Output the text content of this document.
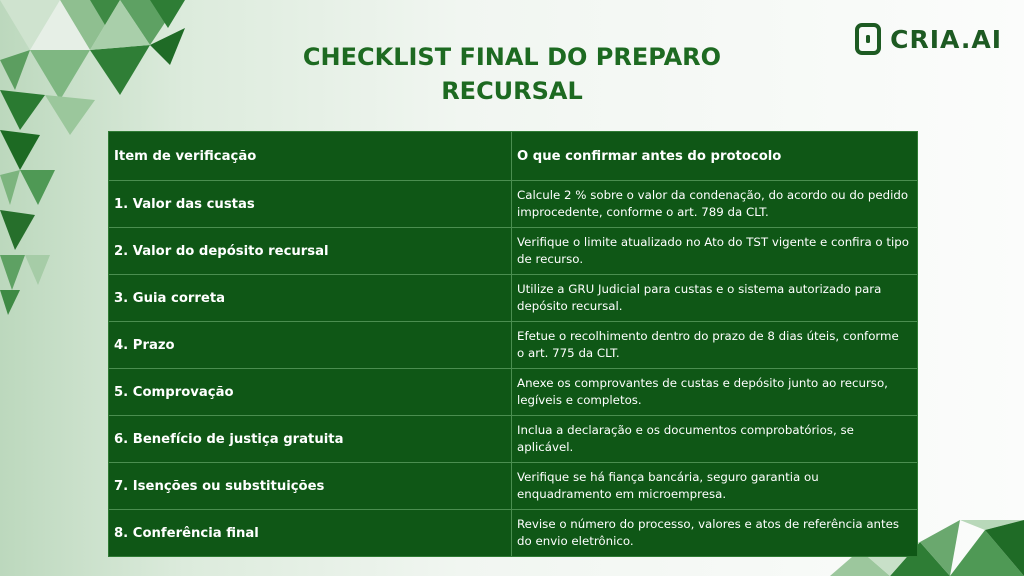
CRIA.AI
CHECKLIST FINAL DO PREPARO
RECURSAL
Item de verificação	O que confirmar antes do protocolo
1. Valor das custas
Calcule 2 % sobre o valor da condenação, do acordo ou do pedido improcedente, conforme o art. 789 da CLT.
2. Valor do depósito recursal
Verifique o limite atualizado no Ato do TST vigente e confira o tipo de recurso.
3. Guia correta
Utilize a GRU Judicial para custas e o sistema autorizado para depósito recursal.
4. Prazo
Efetue o recolhimento dentro do prazo de 8 dias úteis, conforme o art. 775 da CLT.
5. Comprovação
Anexe os comprovantes de custas e depósito junto ao recurso, legíveis e completos.
6. Benefício de justiça gratuita
Inclua a declaração e os documentos comprobatórios, se aplicável.
7. Isenções ou substituições
Verifique se há fiança bancária, seguro garantia ou enquadramento em microempresa.
8. Conferência final
Revise o número do processo, valores e atos de referência antes do envio eletrônico.
